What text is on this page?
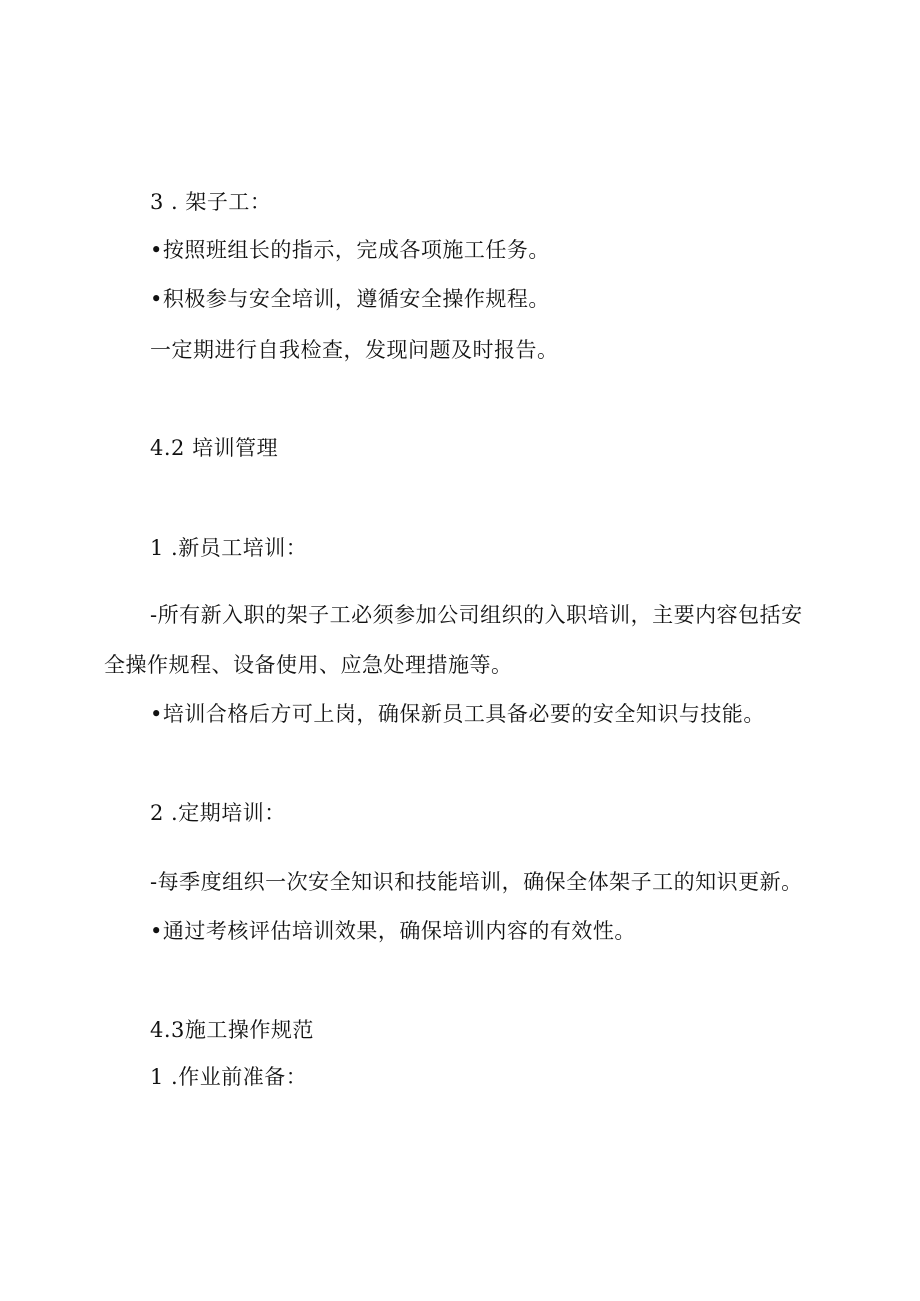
3 . 架子工：
•按照班组长的指示，完成各项施工任务。
•积极参与安全培训，遵循安全操作规程。
一定期进行自我检查，发现问题及时报告。
4.2 培训管理
1 .新员工培训：
-所有新入职的架子工必须参加公司组织的入职培训，主要内容包括安
全操作规程、设备使用、应急处理措施等。
•培训合格后方可上岗，确保新员工具备必要的安全知识与技能。
2 .定期培训：
-每季度组织一次安全知识和技能培训，确保全体架子工的知识更新。
•通过考核评估培训效果，确保培训内容的有效性。
4.3施工操作规范
1 .作业前准备：
